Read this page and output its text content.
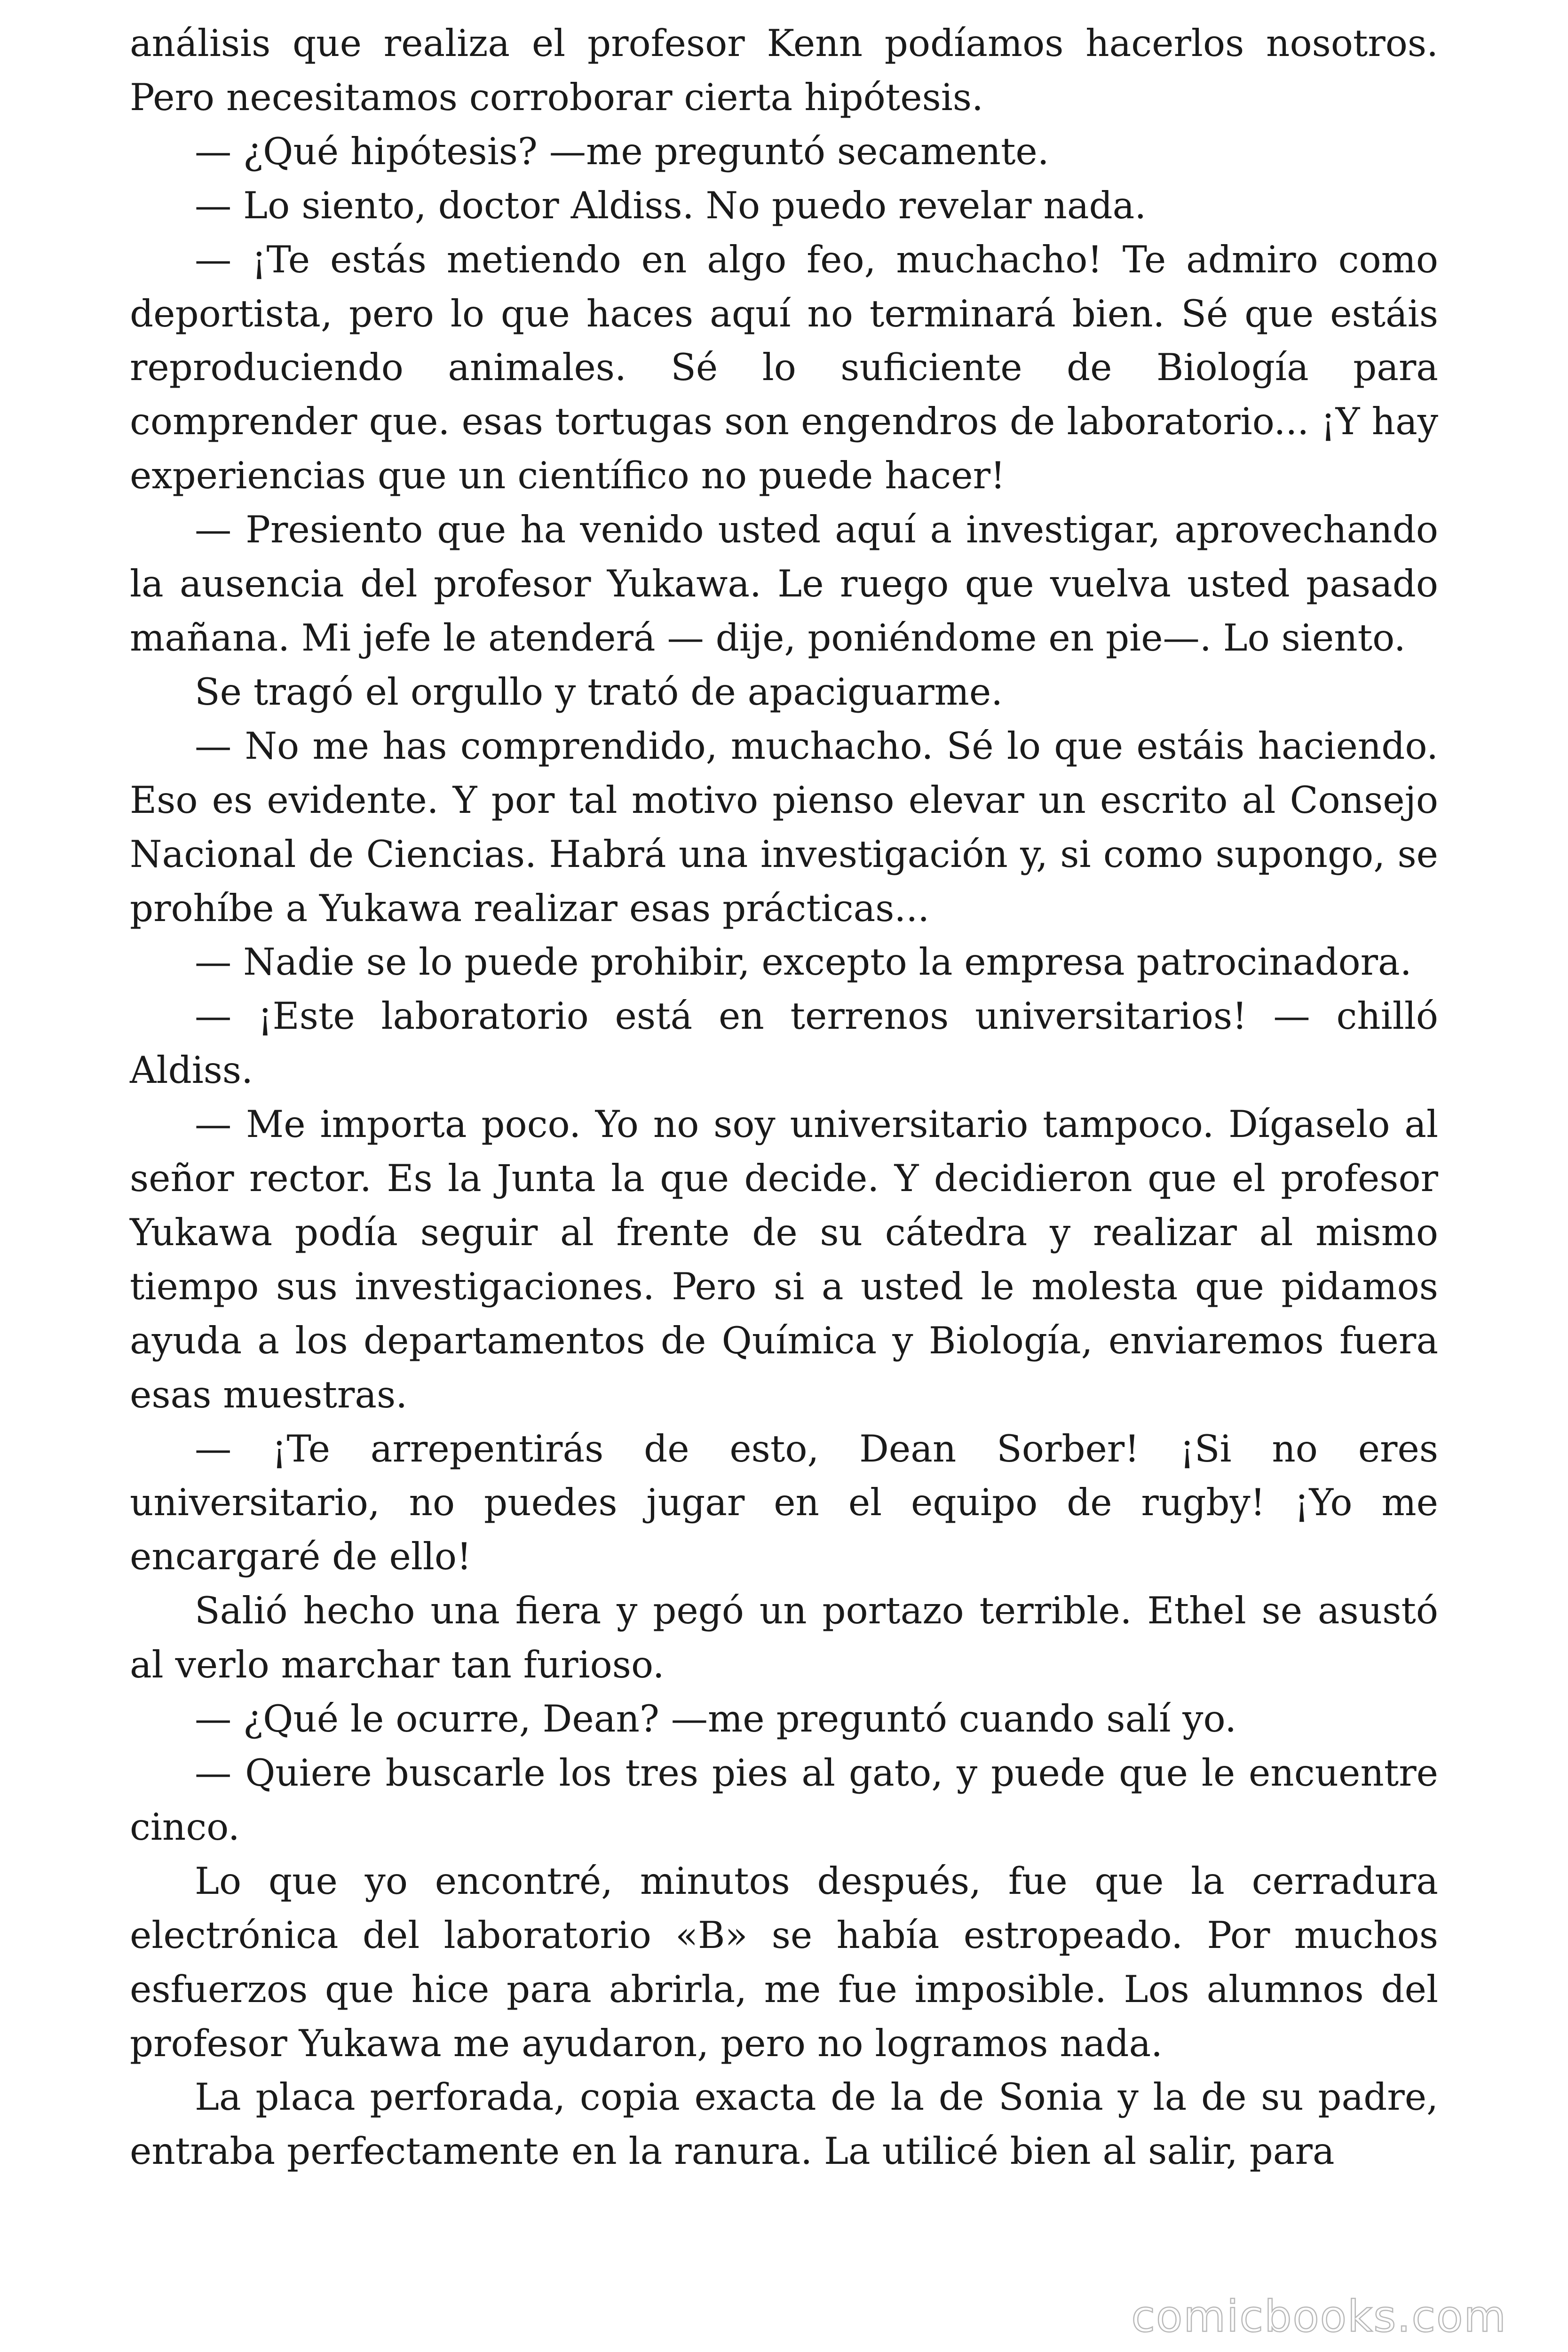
análisis que realiza el profesor Kenn podíamos hacerlos nosotros. Pero necesitamos corroborar cierta hipótesis.

— ¿Qué hipótesis? —me preguntó secamente.

— Lo siento, doctor Aldiss. No puedo revelar nada.

— ¡Te estás metiendo en algo feo, muchacho! Te admiro como deportista, pero lo que haces aquí no terminará bien. Sé que estáis reproduciendo animales. Sé lo suficiente de Biología para comprender que. esas tortugas son engendros de laboratorio... ¡Y hay experiencias que un científico no puede hacer!

— Presiento que ha venido usted aquí a investigar, aprovechando la ausencia del profesor Yukawa. Le ruego que vuelva usted pasado mañana. Mi jefe le atenderá — dije, poniéndome en pie—. Lo siento.

Se tragó el orgullo y trató de apaciguarme.

— No me has comprendido, muchacho. Sé lo que estáis haciendo. Eso es evidente. Y por tal motivo pienso elevar un escrito al Consejo Nacional de Ciencias. Habrá una investigación y, si como supongo, se prohíbe a Yukawa realizar esas prácticas...

— Nadie se lo puede prohibir, excepto la empresa patrocinadora.

— ¡Este laboratorio está en terrenos universitarios! — chilló Aldiss.

— Me importa poco. Yo no soy universitario tampoco. Dígaselo al señor rector. Es la Junta la que decide. Y decidieron que el profesor Yukawa podía seguir al frente de su cátedra y realizar al mismo tiempo sus investigaciones. Pero si a usted le molesta que pidamos ayuda a los departamentos de Química y Biología, enviaremos fuera esas muestras.

— ¡Te arrepentirás de esto, Dean Sorber! ¡Si no eres universitario, no puedes jugar en el equipo de rugby! ¡Yo me encargaré de ello!

Salió hecho una fiera y pegó un portazo terrible. Ethel se asustó al verlo marchar tan furioso.

— ¿Qué le ocurre, Dean? —me preguntó cuando salí yo.

— Quiere buscarle los tres pies al gato, y puede que le encuentre cinco.

Lo que yo encontré, minutos después, fue que la cerradura electrónica del laboratorio «B» se había estropeado. Por muchos esfuerzos que hice para abrirla, me fue imposible. Los alumnos del profesor Yukawa me ayudaron, pero no logramos nada.

La placa perforada, copia exacta de la de Sonia y la de su padre, entraba perfectamente en la ranura. La utilicé bien al salir, para

comicbooks.com
